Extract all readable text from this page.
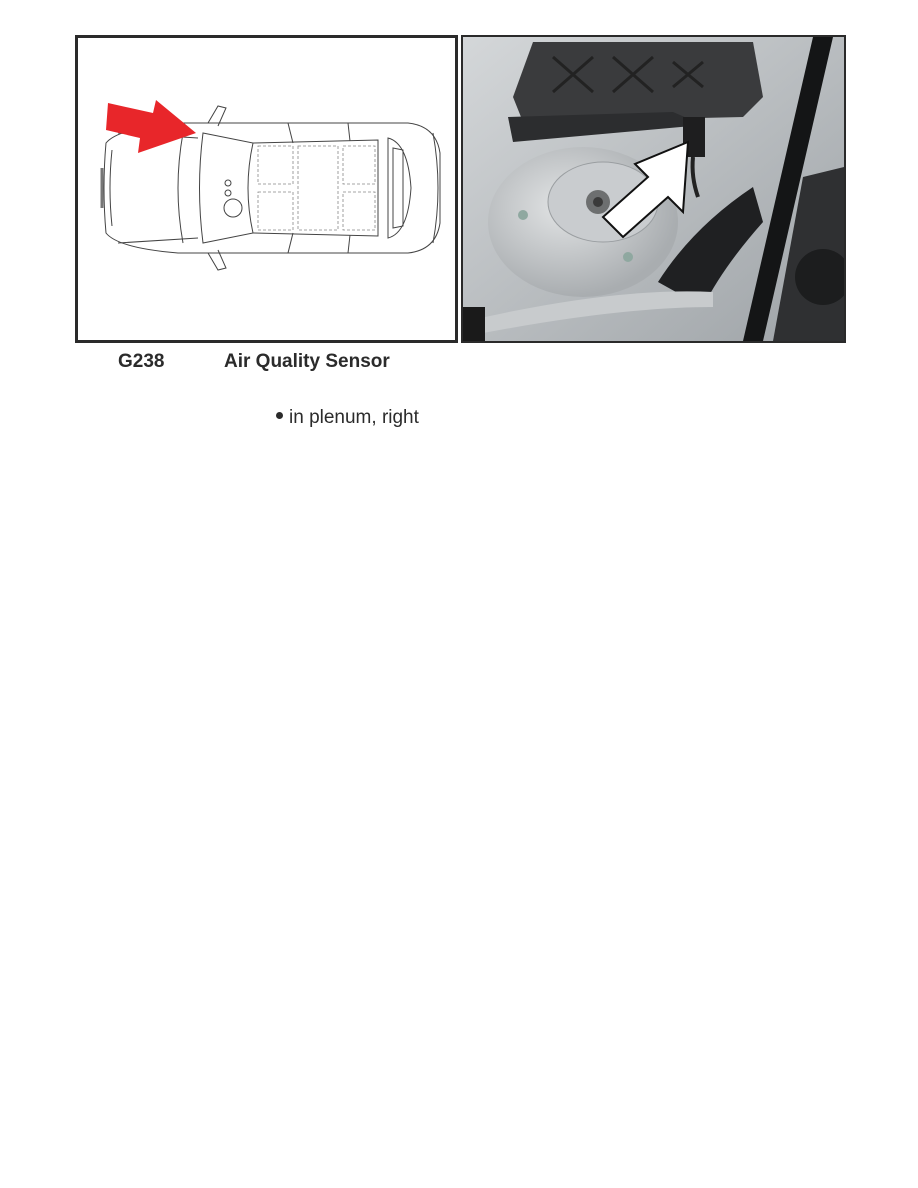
G238	Air Quality Sensor
in plenum, right
